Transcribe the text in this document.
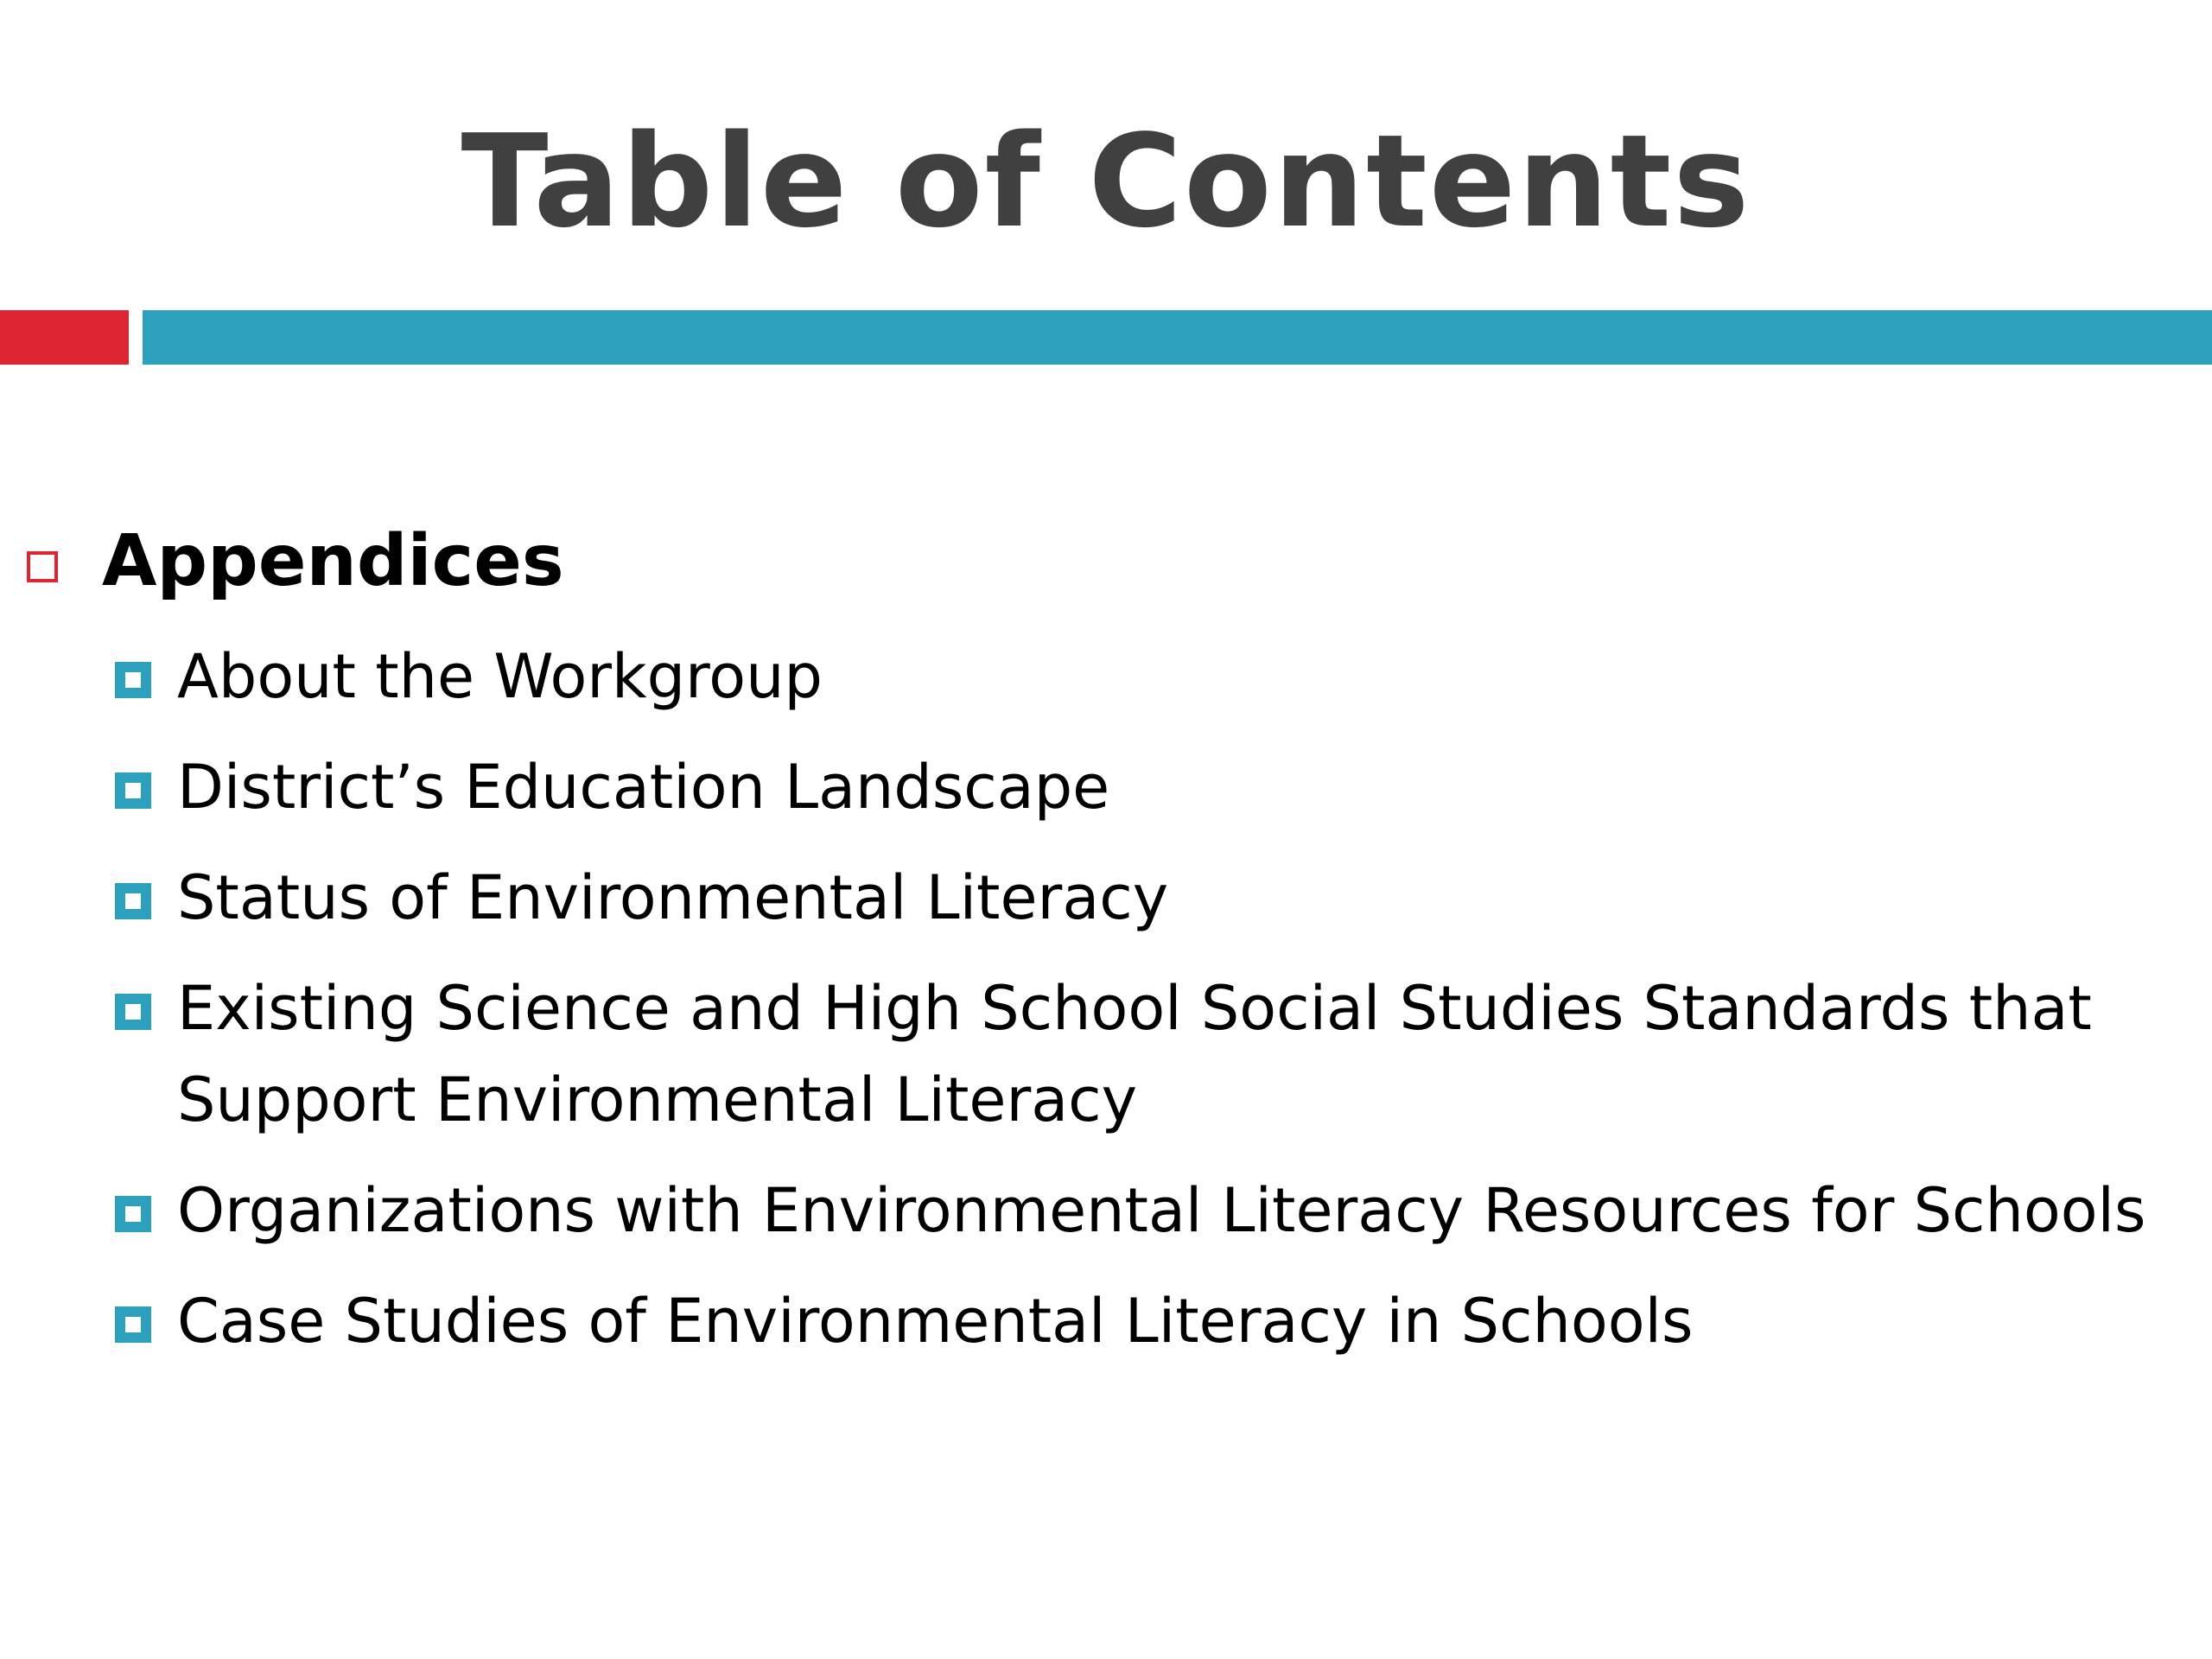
Table of Contents
Appendices
About the Workgroup
District’s Education Landscape
Status of Environmental Literacy
Existing Science and High School Social Studies Standards that Support Environmental Literacy
Organizations with Environmental Literacy Resources for Schools
Case Studies of Environmental Literacy in Schools
